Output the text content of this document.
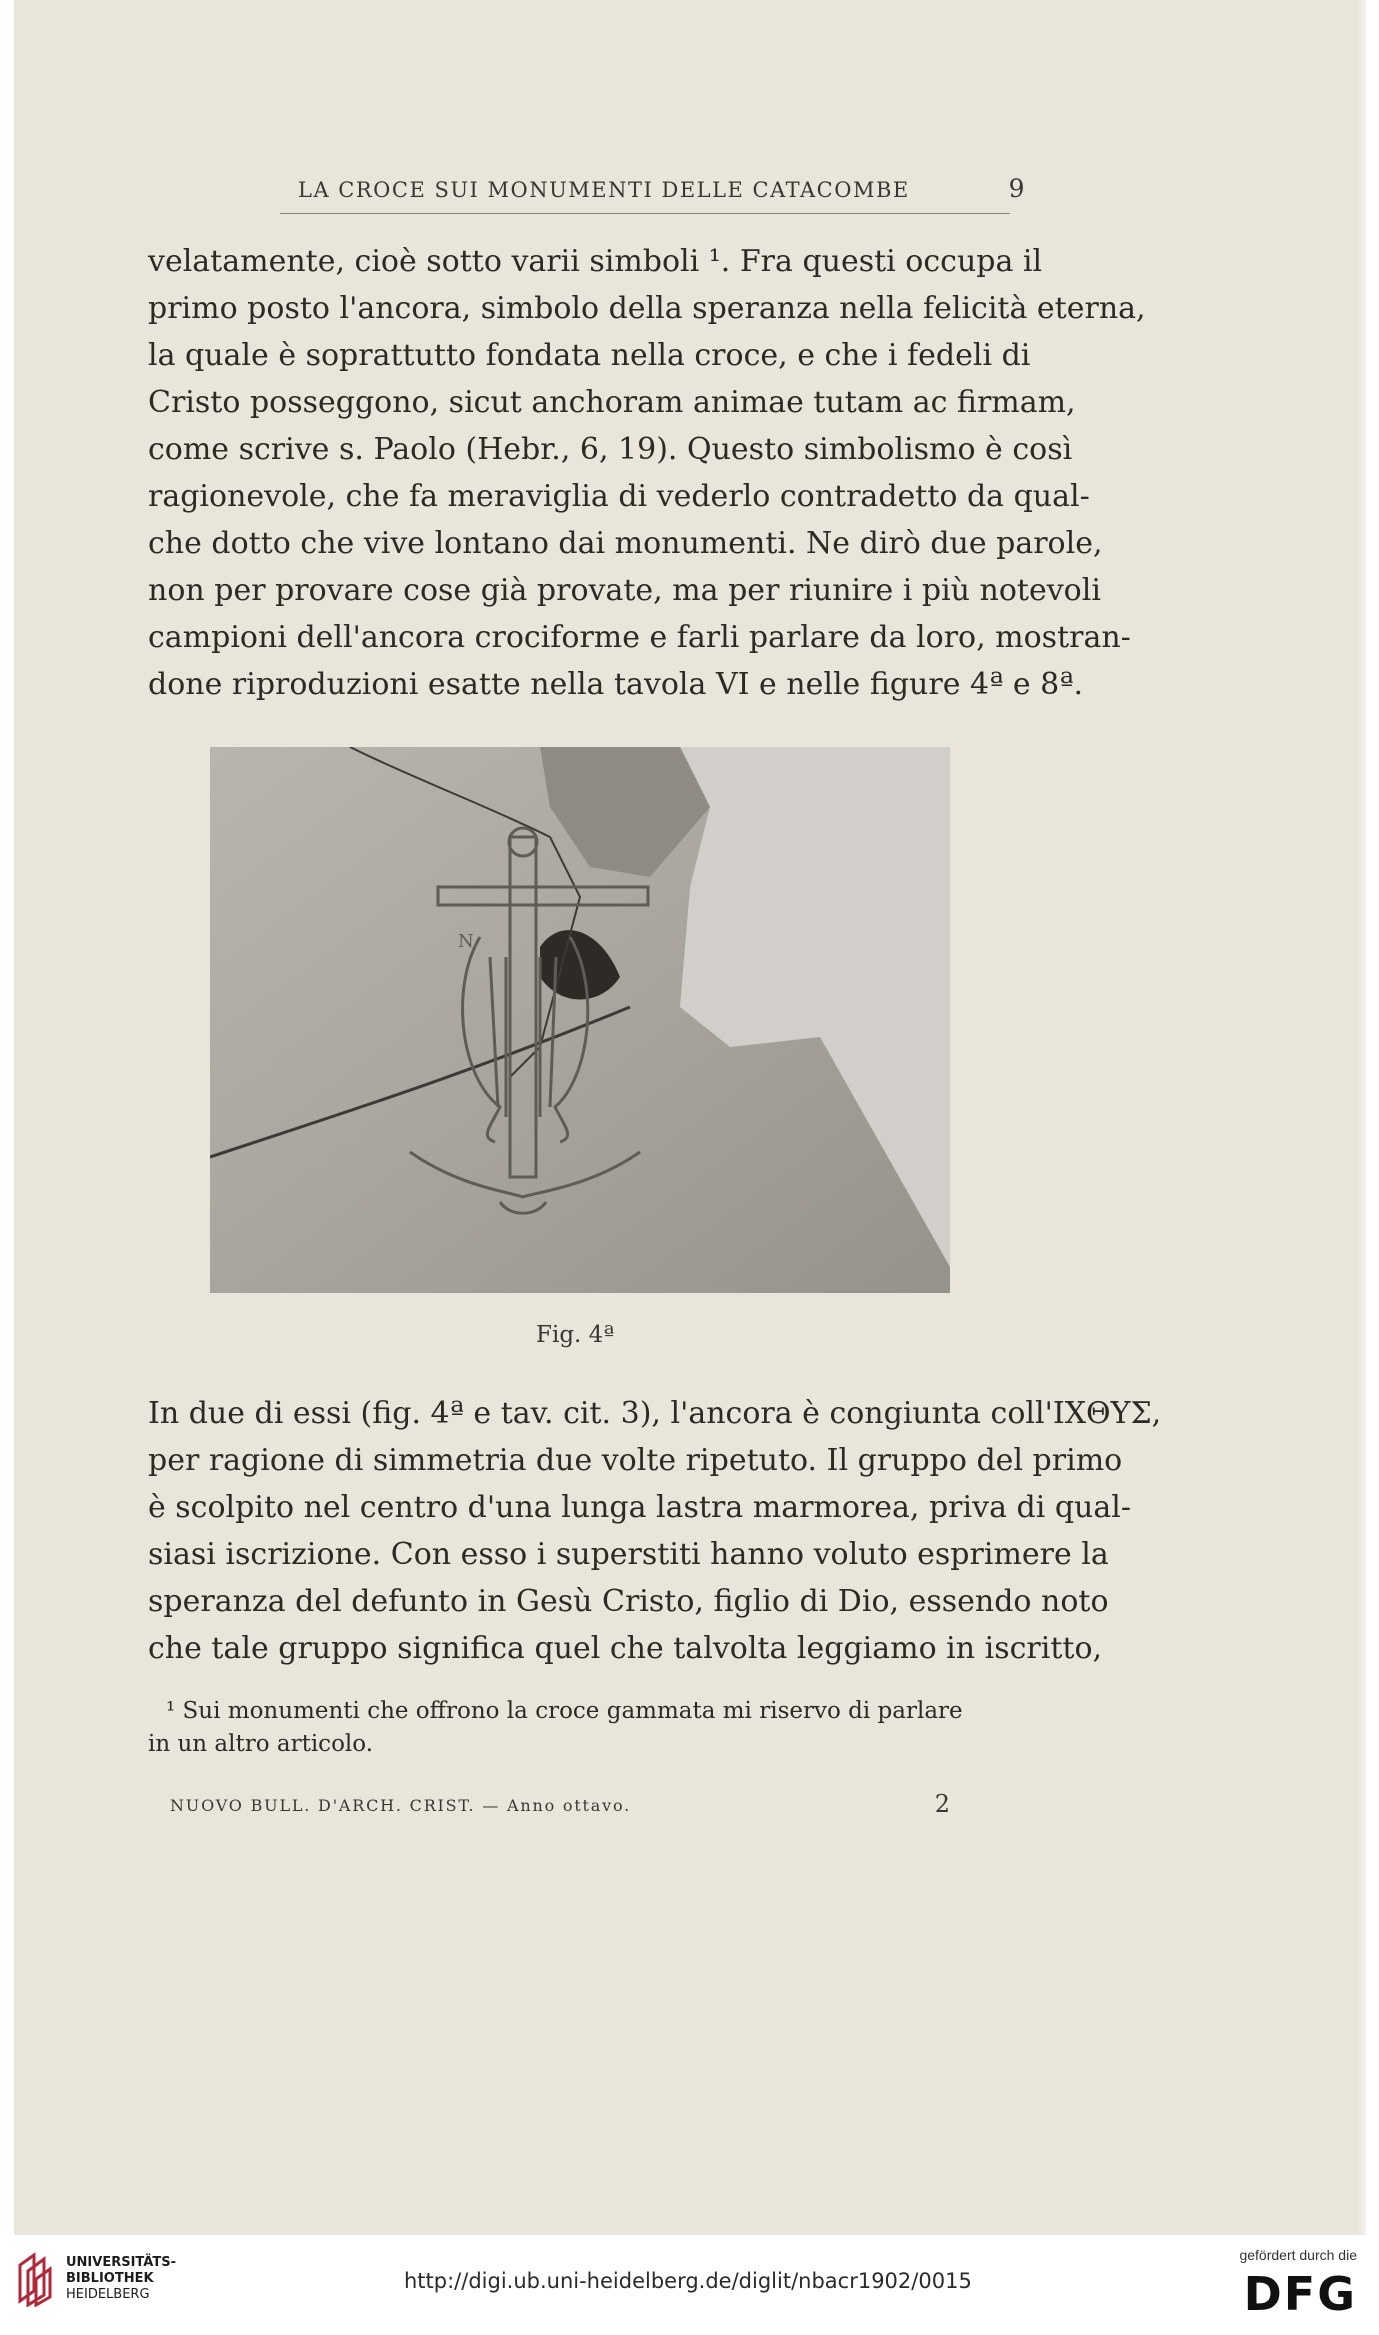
LA CROCE SUI MONUMENTI DELLE CATACOMBE	9
velatamente, cioè sotto varii simboli ¹. Fra questi occupa il
primo posto l'ancora, simbolo della speranza nella felicità eterna,
la quale è soprattutto fondata nella croce, e che i fedeli di
Cristo posseggono, sicut anchoram animae tutam ac firmam,
come scrive s. Paolo (Hebr., 6, 19). Questo simbolismo è così
ragionevole, che fa meraviglia di vederlo contradetto da qual-
che dotto che vive lontano dai monumenti. Ne dirò due parole,
non per provare cose già provate, ma per riunire i più notevoli
campioni dell'ancora crociforme e farli parlare da loro, mostran-
done riproduzioni esatte nella tavola VI e nelle figure 4ª e 8ª.
Ν
Fig. 4ª
In due di essi (fig. 4ª e tav. cit. 3), l'ancora è congiunta coll'ΙΧΘΥΣ,
per ragione di simmetria due volte ripetuto. Il gruppo del primo
è scolpito nel centro d'una lunga lastra marmorea, priva di qual-
siasi iscrizione. Con esso i superstiti hanno voluto esprimere la
speranza del defunto in Gesù Cristo, figlio di Dio, essendo noto
che tale gruppo significa quel che talvolta leggiamo in iscritto,
¹ Sui monumenti che offrono la croce gammata mi riservo di parlare
in un altro articolo.
NUOVO BULL. D'ARCH. CRIST. — Anno ottavo.	2
UNIVERSITÄTS-
BIBLIOTHEK
HEIDELBERG
http://digi.ub.uni-heidelberg.de/diglit/nbacr1902/0015
gefördert durch die
DFG
